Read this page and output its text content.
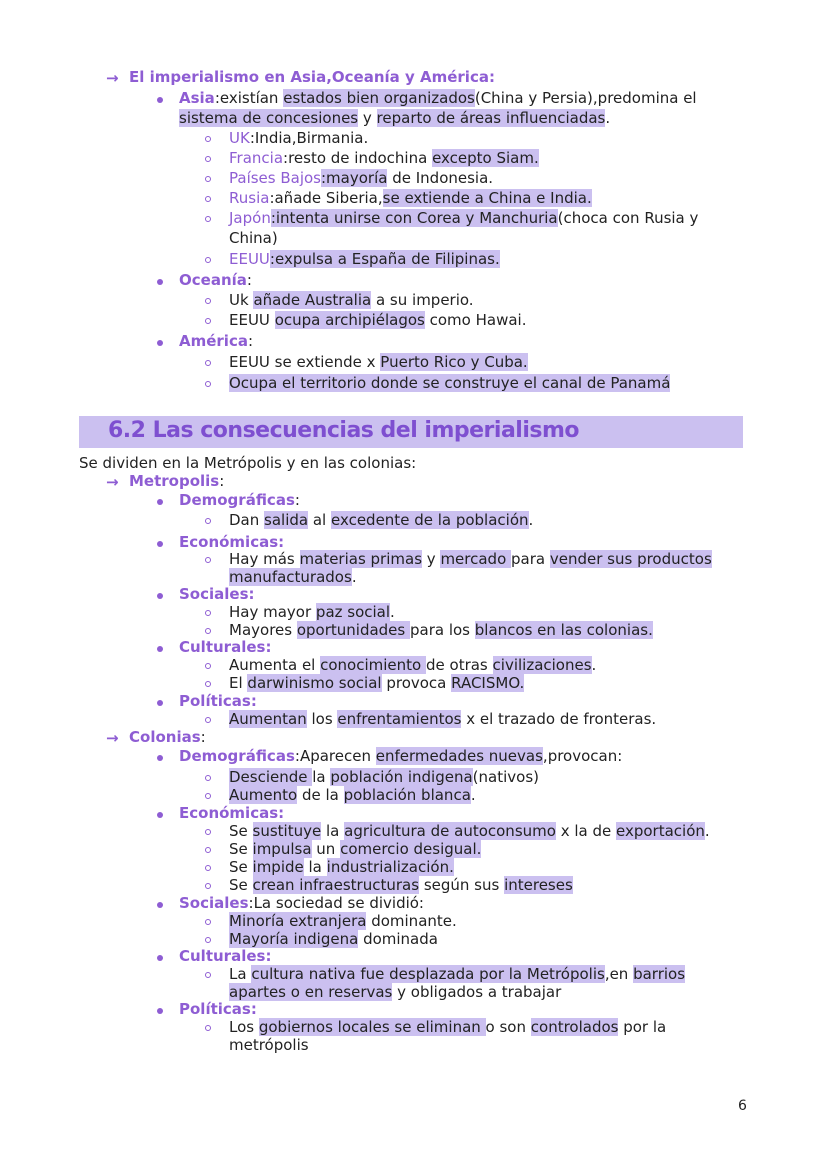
→ El imperialismo en Asia,Oceanía y América:
Asia:existían estados bien organizados(China y Persia),predomina el
sistema de concesiones y reparto de áreas influenciadas.
UK:India,Birmania.
Francia:resto de indochina excepto Siam.
Países Bajos:mayoría de Indonesia.
Rusia:añade Siberia,se extiende a China e India.
Japón:intenta unirse con Corea y Manchuria(choca con Rusia y
China)
EEUU:expulsa a España de Filipinas.
Oceanía:
Uk añade Australia a su imperio.
EEUU ocupa archipiélagos como Hawai.
América:
EEUU se extiende x Puerto Rico y Cuba.
Ocupa el territorio donde se construye el canal de Panamá
6.2 Las consecuencias del imperialismo
Se dividen en la Metrópolis y en las colonias:
→ Metropolis:
Demográficas:
Dan salida al excedente de la población.
Económicas:
Hay más materias primas y mercado para vender sus productos
manufacturados.
Sociales:
Hay mayor paz social.
Mayores oportunidades para los blancos en las colonias.
Culturales:
Aumenta el conocimiento de otras civilizaciones.
El darwinismo social provoca RACISMO.
Políticas:
Aumentan los enfrentamientos x el trazado de fronteras.
→ Colonias:
Demográficas:Aparecen enfermedades nuevas,provocan:
Desciende la población indigena(nativos)
Aumento de la población blanca.
Económicas:
Se sustituye la agricultura de autoconsumo x la de exportación.
Se impulsa un comercio desigual.
Se impide la industrialización.
Se crean infraestructuras según sus intereses
Sociales:La sociedad se dividió:
Minoría extranjera dominante.
Mayoría indigena dominada
Culturales:
La cultura nativa fue desplazada por la Metrópolis,en barrios
apartes o en reservas y obligados a trabajar
Políticas:
Los gobiernos locales se eliminan o son controlados por la
metrópolis
6
